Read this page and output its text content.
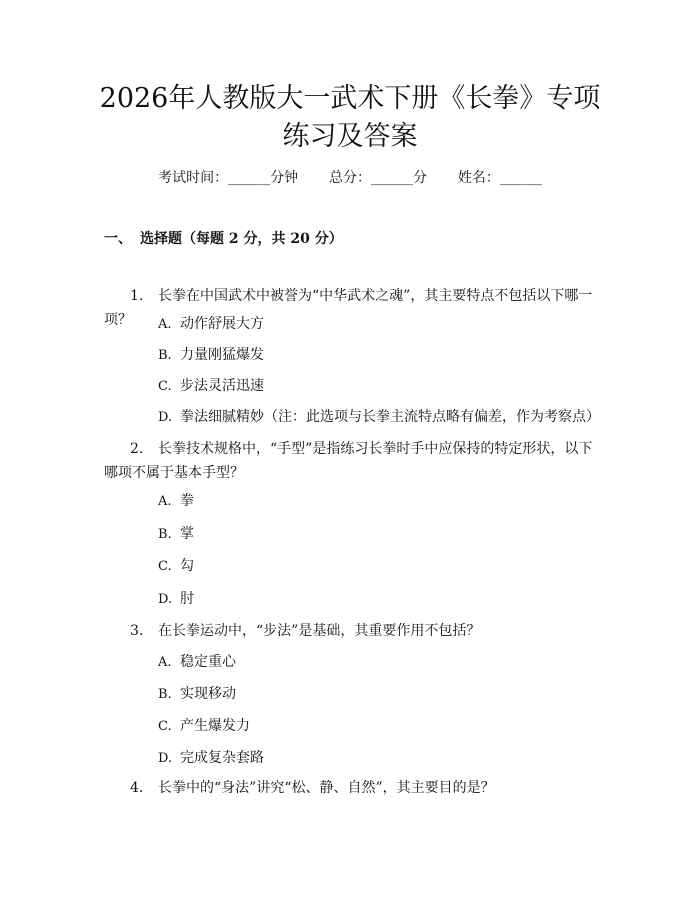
2026年人教版大一武术下册《长拳》专项练习及答案
考试时间：______分钟 总分：______分 姓名：______
一、 选择题（每题 2 分，共 20 分）
1. 长拳在中国武术中被誉为“中华武术之魂”，其主要特点不包括以下哪一项？	A. 动作舒展大方
B. 力量刚猛爆发
C. 步法灵活迅速
D. 拳法细腻精妙（注：此选项与长拳主流特点略有偏差，作为考察点）
2. 长拳技术规格中，“手型”是指练习长拳时手中应保持的特定形状，以下哪项不属于基本手型？
A. 拳
B. 掌
C. 勾
D. 肘
3. 在长拳运动中，“步法”是基础，其重要作用不包括？
A. 稳定重心
B. 实现移动
C. 产生爆发力
D. 完成复杂套路
4. 长拳中的“身法”讲究“松、静、自然”，其主要目的是？
